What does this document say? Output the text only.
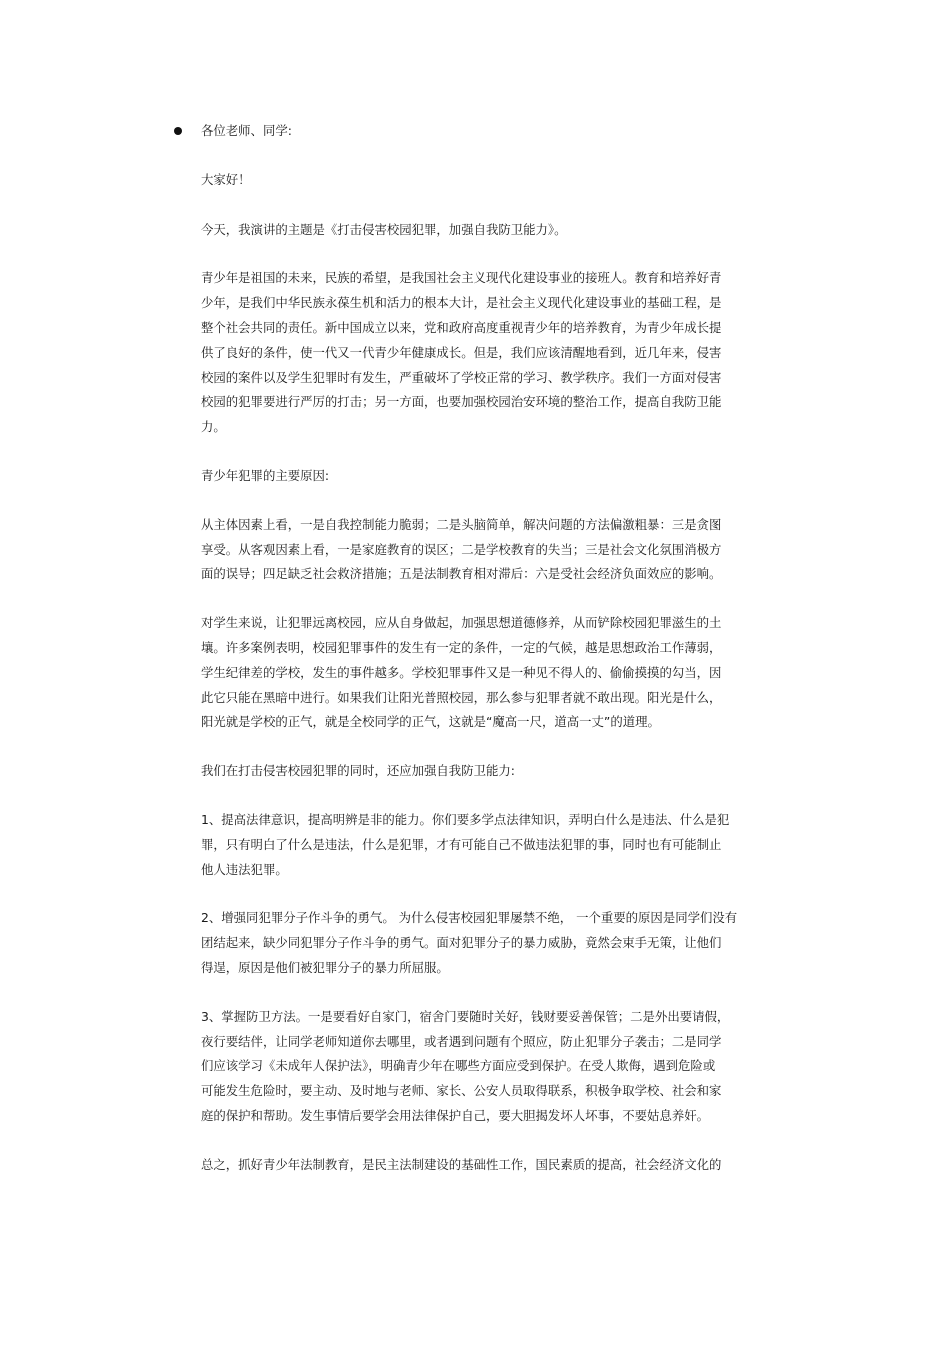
各位老师、同学:

大家好！

今天，我演讲的主题是《打击侵害校园犯罪，加强自我防卫能力》。

青少年是祖国的未来，民族的希望，是我国社会主义现代化建设事业的接班人。教育和培养好青
少年，是我们中华民族永葆生机和活力的根本大计，是社会主义现代化建设事业的基础工程，是
整个社会共同的责任。新中国成立以来，党和政府高度重视青少年的培养教育，为青少年成长提
供了良好的条件，使一代又一代青少年健康成长。但是，我们应该清醒地看到，近几年来，侵害
校园的案件以及学生犯罪时有发生，严重破坏了学校正常的学习、教学秩序。我们一方面对侵害
校园的犯罪要进行严厉的打击；另一方面，也要加强校园治安环境的整治工作，提高自我防卫能
力。

青少年犯罪的主要原因:

从主体因素上看，一是自我控制能力脆弱；二是头脑简单，解决问题的方法偏激粗暴：三是贪图
享受。从客观因素上看，一是家庭教育的误区；二是学校教育的失当；三是社会文化氛围消极方
面的误导；四足缺乏社会救济措施；五是法制教育相对滞后：六是受社会经济负面效应的影响。

对学生来说，让犯罪远离校园，应从自身做起，加强思想道德修养，从而铲除校园犯罪滋生的土
壤。许多案例表明，校园犯罪事件的发生有一定的条件，一定的气候，越是思想政治工作薄弱，
学生纪律差的学校，发生的事件越多。学校犯罪事件又是一种见不得人的、偷偷摸摸的勾当，因
此它只能在黑暗中进行。如果我们让阳光普照校园，那么参与犯罪者就不敢出现。阳光是什么，
阳光就是学校的正气，就是全校同学的正气，这就是“魔高一尺，道高一丈”的道理。

我们在打击侵害校园犯罪的同时，还应加强自我防卫能力:

1、提高法律意识，提高明辨是非的能力。你们要多学点法律知识，弄明白什么是违法、什么是犯
罪，只有明白了什么是违法，什么是犯罪，才有可能自己不做违法犯罪的事，同时也有可能制止
他人违法犯罪。

2、增强同犯罪分子作斗争的勇气。 为什么侵害校园犯罪屡禁不绝， 一个重要的原因是同学们没有
团结起来，缺少同犯罪分子作斗争的勇气。面对犯罪分子的暴力威胁，竟然会束手无策，让他们
得逞，原因是他们被犯罪分子的暴力所屈服。

3、掌握防卫方法。一是要看好自家门，宿舍门要随时关好，钱财要妥善保管；二是外出要请假，
夜行要结伴，让同学老师知道你去哪里，或者遇到问题有个照应，防止犯罪分子袭击；二是同学
们应该学习《未成年人保护法》，明确青少年在哪些方面应受到保护。在受人欺侮，遇到危险或
可能发生危险时，要主动、及时地与老师、家长、公安人员取得联系，积极争取学校、社会和家
庭的保护和帮助。发生事情后要学会用法律保护自己，要大胆揭发坏人坏事，不要姑息养奸。

总之，抓好青少年法制教育，是民主法制建设的基础性工作，国民素质的提高，社会经济文化的
